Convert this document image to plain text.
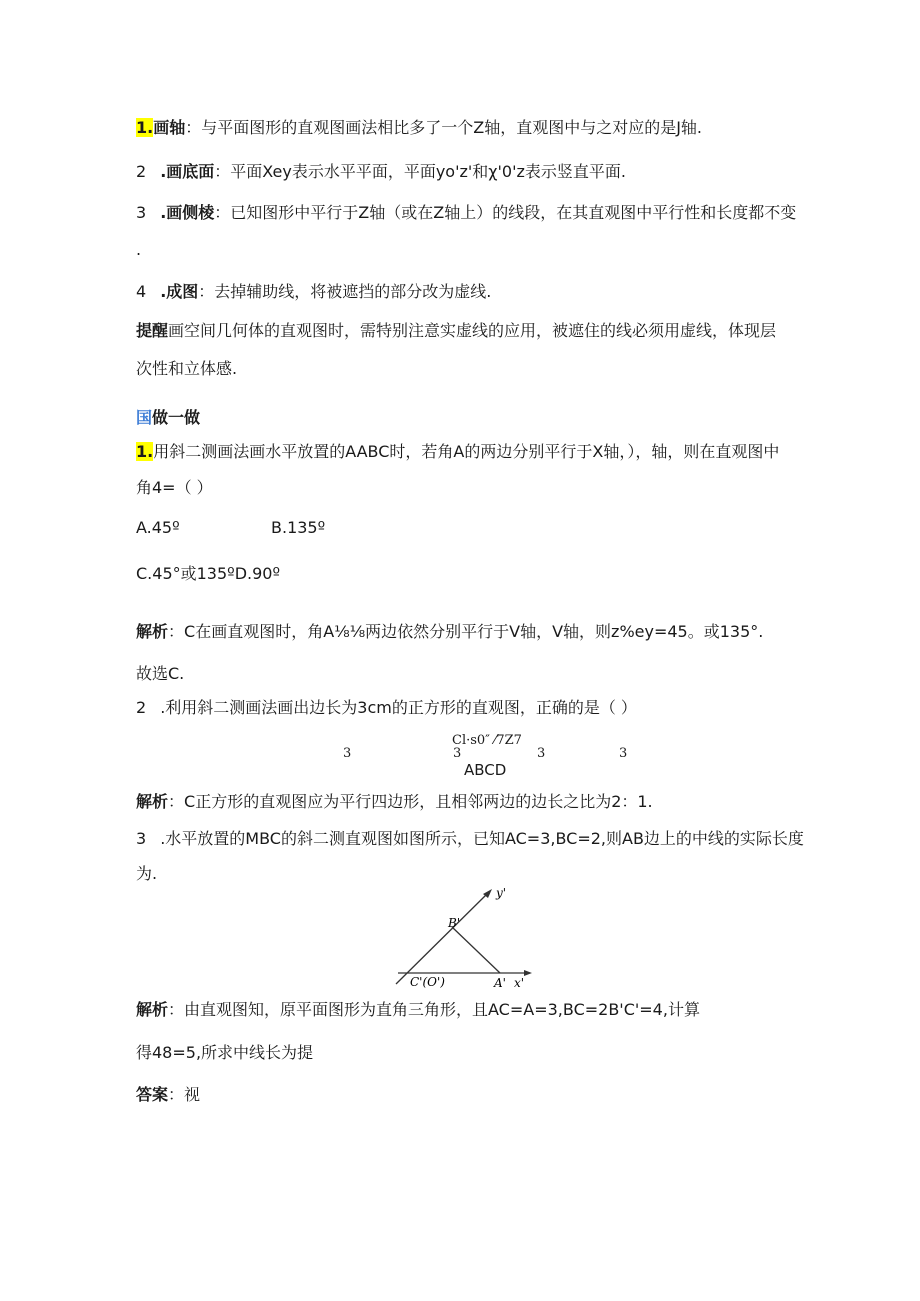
1.画轴：与平面图形的直观图画法相比多了一个Z轴，直观图中与之对应的是J轴.
2 .画底面：平面Xey表示水平平面，平面yo'z'和χ'0'z表示竖直平面.
3 .画侧棱：已知图形中平行于Z轴（或在Z轴上）的线段，在其直观图中平行性和长度都不变
.
4 .成图：去掉辅助线，将被遮挡的部分改为虚线.
提醒画空间几何体的直观图时，需特别注意实虚线的应用，被遮住的线必须用虚线，体现层
次性和立体感.
国做一做
1.用斜二测画法画水平放置的AABC时，若角A的两边分别平行于X轴，），轴，则在直观图中
角4=（ ）
A.45º	B.135º
C.45°或135ºD.90º
解析：C在画直观图时，角A⅛⅛两边依然分别平行于V轴，V轴，则z%ey=45。或135°.
故选C.
2 .利用斜二测画法画出边长为3cm的正方形的直观图，正确的是（ ）
Cl·s0″ ⁄7Z7
3	3	3	3
ABCD
解析：C正方形的直观图应为平行四边形，且相邻两边的边长之比为2：1.
3 .水平放置的MBC的斜二测直观图如图所示，已知AC=3,BC=2,则AB边上的中线的实际长度
为.
y'
B'
C'(O')	A' x'
解析：由直观图知，原平面图形为直角三角形，且AC=A=3,BC=2B'C'=4,计算
得48=5,所求中线长为提
答案：视
